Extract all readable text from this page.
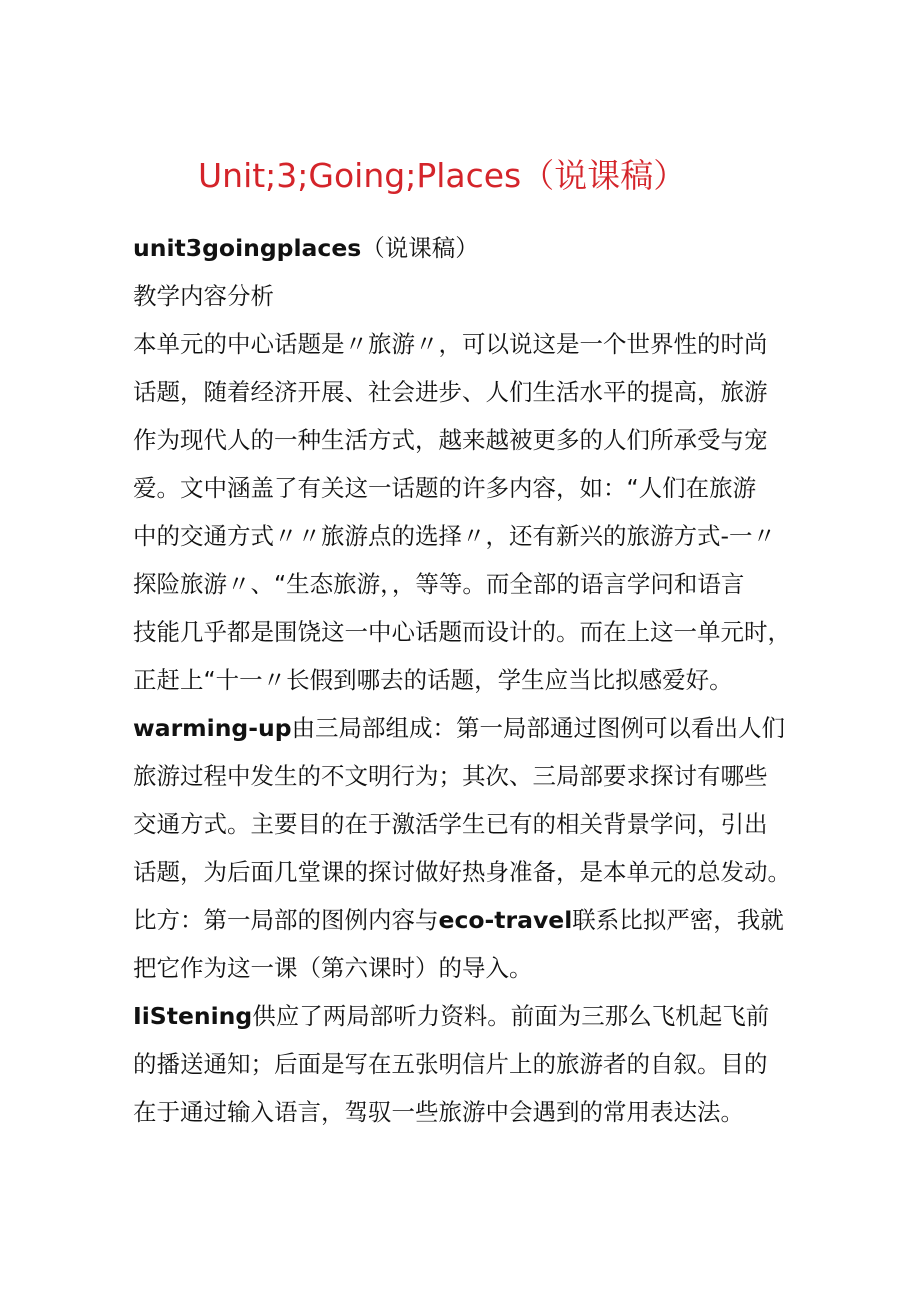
Unit;3;Going;Places（说课稿）
unit3goingplaces（说课稿）
教学内容分析
本单元的中心话题是〃旅游〃，可以说这是一个世界性的时尚
话题，随着经济开展、社会进步、人们生活水平的提高，旅游
作为现代人的一种生活方式，越来越被更多的人们所承受与宠
爱。文中涵盖了有关这一话题的许多内容，如：“人们在旅游
中的交通方式〃〃旅游点的选择〃，还有新兴的旅游方式-一〃
探险旅游〃、“生态旅游，，等等。而全部的语言学问和语言
技能几乎都是围饶这一中心话题而设计的。而在上这一单元时，
正赶上“十一〃长假到哪去的话题，学生应当比拟感爱好。
warming-up由三局部组成：第一局部通过图例可以看出人们
旅游过程中发生的不文明行为；其次、三局部要求探讨有哪些
交通方式。主要目的在于激活学生已有的相关背景学问，引出
话题，为后面几堂课的探讨做好热身准备，是本单元的总发动。
比方：第一局部的图例内容与eco-travel联系比拟严密，我就
把它作为这一课（第六课时）的导入。
IiStening供应了两局部听力资料。前面为三那么飞机起飞前
的播送通知；后面是写在五张明信片上的旅游者的自叙。目的
在于通过输入语言，驾驭一些旅游中会遇到的常用表达法。
